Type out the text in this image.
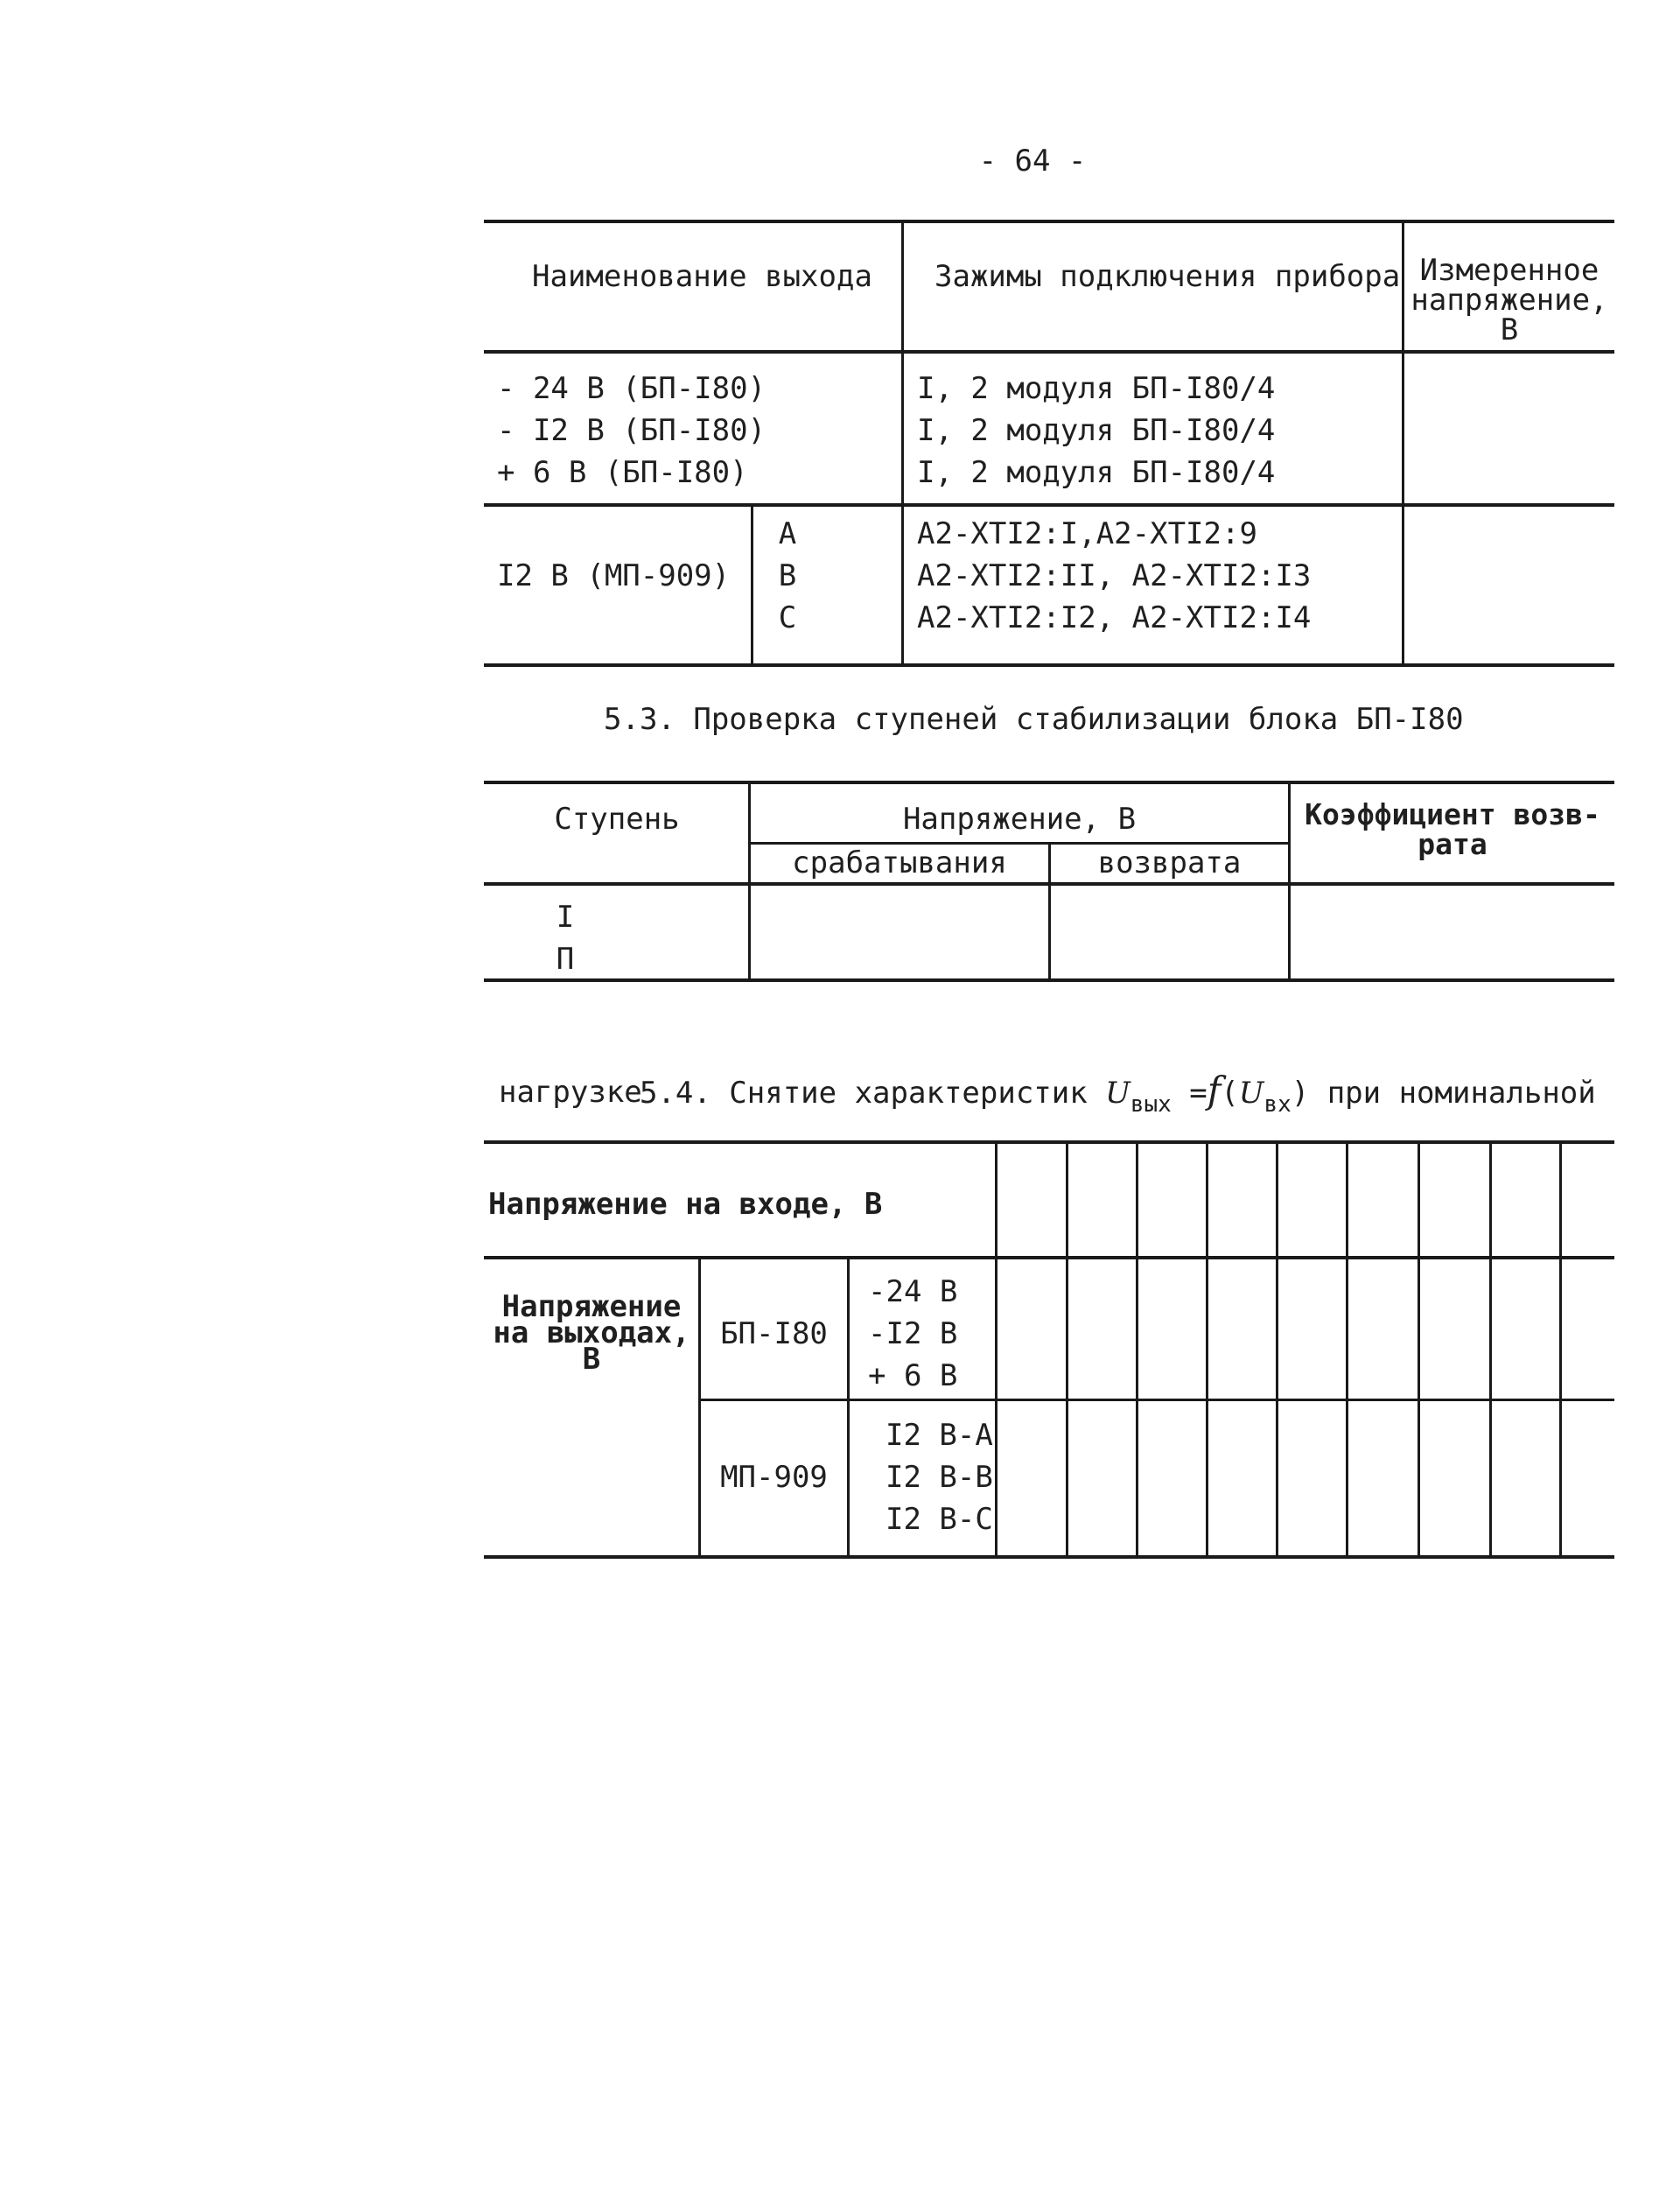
- 64 -
Наименование выхода Зажимы подключения прибора Измеренное
напряжение,
В
- 24 В (БП-I80)
- I2 В (БП-I80)
+ 6 В (БП-I80)
I, 2 модуля БП-I80/4
I, 2 модуля БП-I80/4
I, 2 модуля БП-I80/4
I2 В (МП-909)
А
В
С
А2-ХТI2:I,А2-ХТI2:9
А2-ХТI2:II, А2-ХТI2:I3
А2-ХТI2:I2, А2-ХТI2:I4
5.3. Проверка ступеней стабилизации блока БП-I80
Ступень	Напряжение, В
срабатывания	возврата
Коэффициент возв-
рата
I
П

5.4. Снятие характеристик $U_{вых} =f(U_{вх})$ при номинальной

нагрузке
Напряжение на входе, В
Напряжение
на выходах,
В
БП-I80
-24 В
-I2 В
+ 6 В
МП-909
I2 В-А
I2 В-В
I2 В-С
